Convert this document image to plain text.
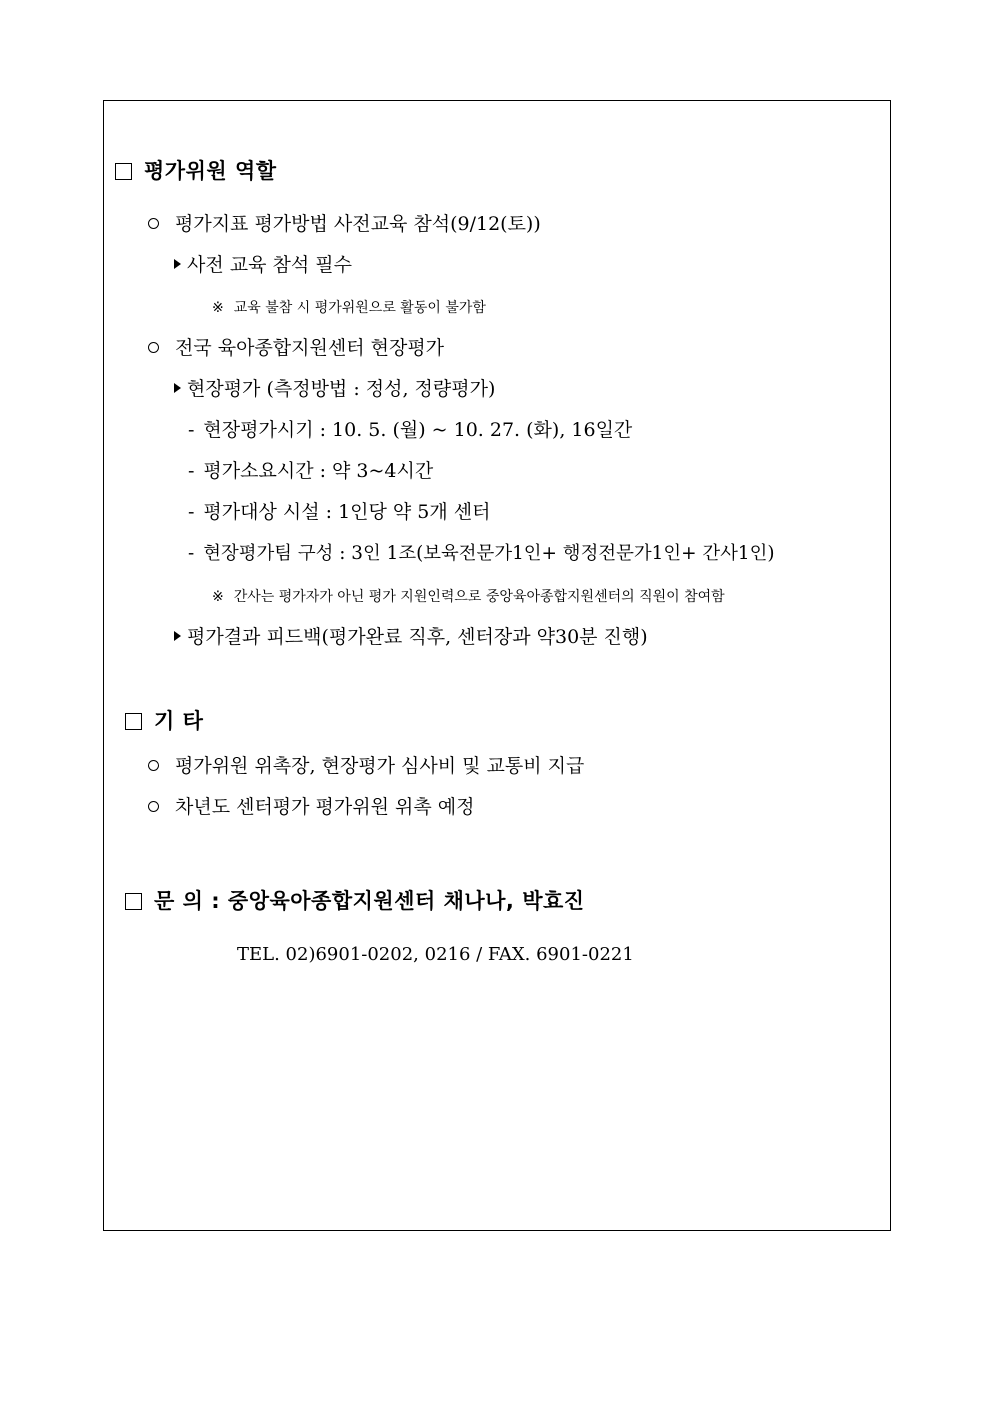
평가위원 역할
평가지표 평가방법 사전교육 참석(9/12(토))
사전 교육 참석 필수
※ 교육 불참 시 평가위원으로 활동이 불가함
전국 육아종합지원센터 현장평가
현장평가 (측정방법 : 정성, 정량평가)
- 현장평가시기 : 10. 5. (월) ~ 10. 27. (화), 16일간
- 평가소요시간 : 약 3~4시간
- 평가대상 시설 : 1인당 약 5개 센터
- 현장평가팀 구성 : 3인 1조(보육전문가1인+ 행정전문가1인+ 간사1인)
※ 간사는 평가자가 아닌 평가 지원인력으로 중앙육아종합지원센터의 직원이 참여함
평가결과 피드백(평가완료 직후, 센터장과 약30분 진행)
기 타
평가위원 위촉장, 현장평가 심사비 및 교통비 지급
차년도 센터평가 평가위원 위촉 예정
문 의 : 중앙육아종합지원센터 채나나, 박효진
TEL. 02)6901-0202, 0216 / FAX. 6901-0221
